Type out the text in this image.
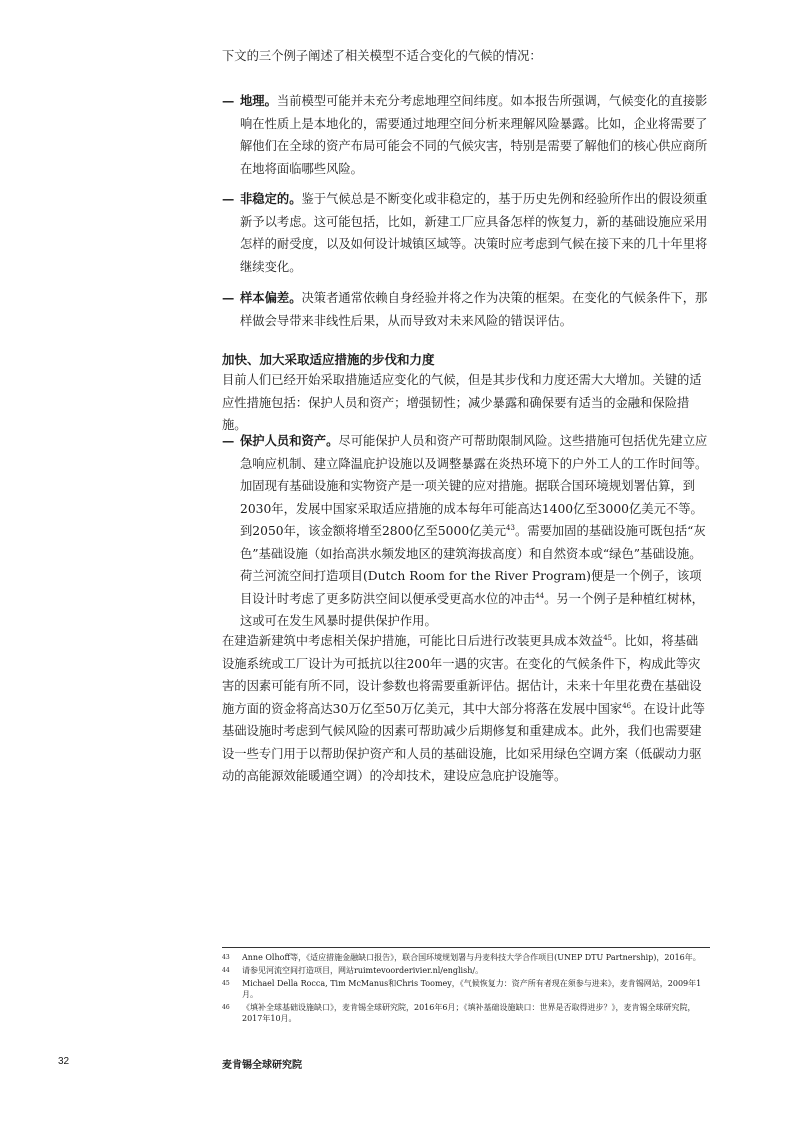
下文的三个例子阐述了相关模型不适合变化的气候的情况：

— 地理。当前模型可能并未充分考虑地理空间纬度。如本报告所强调，气候变化的直接影响在性质上是本地化的，需要通过地理空间分析来理解风险暴露。比如，企业将需要了解他们在全球的资产布局可能会不同的气候灾害，特别是需要了解他们的核心供应商所在地将面临哪些风险。

— 非稳定的。鉴于气候总是不断变化或非稳定的，基于历史先例和经验所作出的假设须重新予以考虑。这可能包括，比如，新建工厂应具备怎样的恢复力，新的基础设施应采用怎样的耐受度，以及如何设计城镇区域等。决策时应考虑到气候在接下来的几十年里将继续变化。

— 样本偏差。决策者通常依赖自身经验并将之作为决策的框架。在变化的气候条件下，那样做会导带来非线性后果，从而导致对未来风险的错误评估。

加快、加大采取适应措施的步伐和力度

目前人们已经开始采取措施适应变化的气候，但是其步伐和力度还需大大增加。关键的适应性措施包括：保护人员和资产；增强韧性；减少暴露和确保要有适当的金融和保险措施。

— 保护人员和资产。尽可能保护人员和资产可帮助限制风险。这些措施可包括优先建立应急响应机制、建立降温庇护设施以及调整暴露在炎热环境下的户外工人的工作时间等。加固现有基础设施和实物资产是一项关键的应对措施。据联合国环境规划署估算，到2030年，发展中国家采取适应措施的成本每年可能高达1400亿至3000亿美元不等。到2050年，该金额将增至2800亿至5000亿美元$^{43}$。需要加固的基础设施可既包括“灰色”基础设施（如抬高洪水频发地区的建筑海拔高度）和自然资本或“绿色”基础设施。荷兰河流空间打造项目(Dutch Room for the River Program)便是一个例子，该项目设计时考虑了更多防洪空间以便承受更高水位的冲击$^{44}$。另一个例子是种植红树林，这或可在发生风暴时提供保护作用。

在建造新建筑中考虑相关保护措施，可能比日后进行改装更具成本效益$^{45}$。比如，将基础设施系统或工厂设计为可抵抗以往200年一遇的灾害。在变化的气候条件下，构成此等灾害的因素可能有所不同，设计参数也将需要重新评估。据估计，未来十年里花费在基础设施方面的资金将高达30万亿至50万亿美元，其中大部分将落在发展中国家$^{46}$。在设计此等基础设施时考虑到气候风险的因素可帮助减少后期修复和重建成本。此外，我们也需要建设一些专门用于以帮助保护资产和人员的基础设施，比如采用绿色空调方案（低碳动力驱动的高能源效能暖通空调）的冷却技术，建设应急庇护设施等。

43 Anne Olhoff等，《适应措施金融缺口报告》，联合国环境规划署与丹麦科技大学合作项目(UNEP DTU Partnership)，2016年。
44 请参见河流空间打造项目，网站ruimtevoorderivier.nl/english/。
45 Michael Della Rocca, Tim McManus和Chris Toomey，《气候恢复力：资产所有者现在须参与进来》，麦肯锡网站，2009年1月。
46 《填补全球基础设施缺口》，麦肯锡全球研究院，2016年6月；《填补基础设施缺口：世界是否取得进步？》，麦肯锡全球研究院，2017年10月。
32	麦肯锡全球研究院
